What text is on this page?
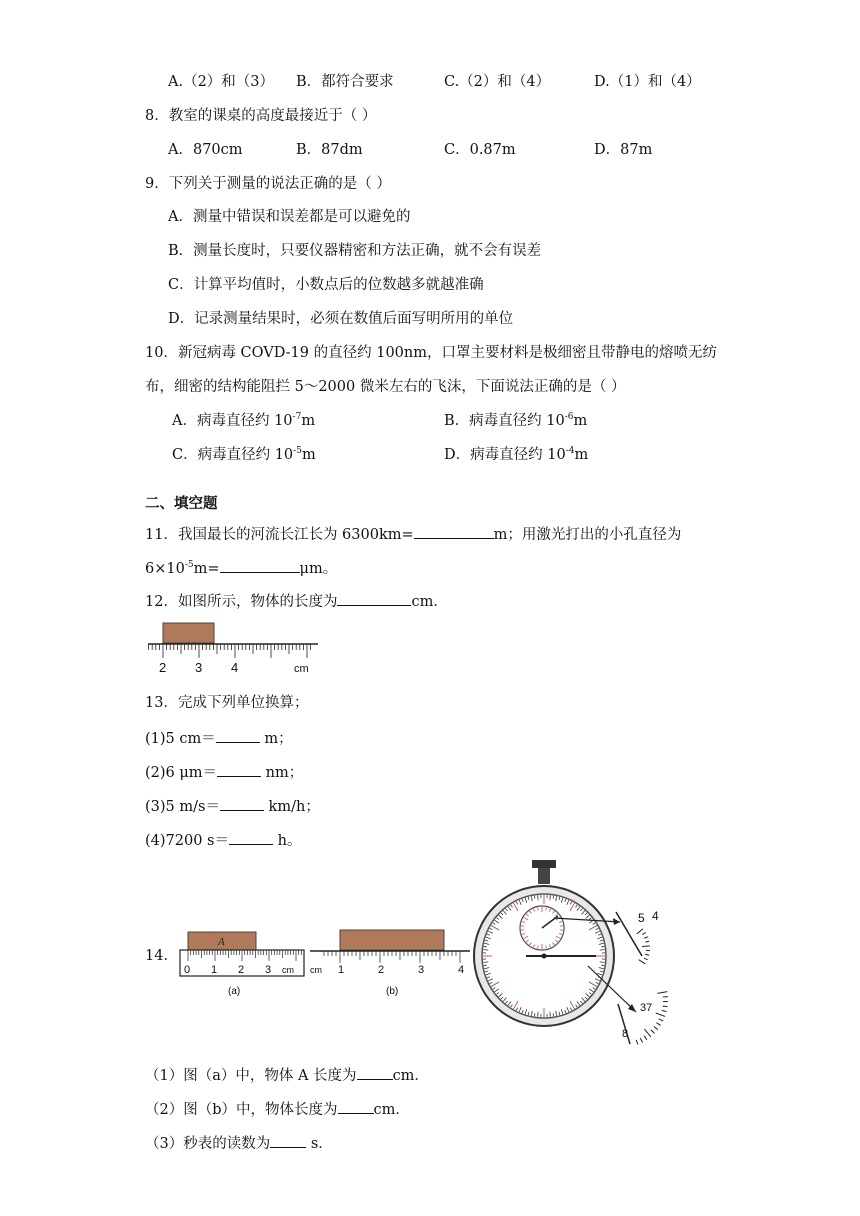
A.（2）和（3） B．都符合要求	C.（2）和（4）	D.（1）和（4）
8．教室的课桌的高度最接近于（ ）
A．870cm	B．87dm	C．0.87m	D．87m
9．下列关于测量的说法正确的是（ ）
A．测量中错误和误差都是可以避免的
B．测量长度时，只要仪器精密和方法正确，就不会有误差
C．计算平均值时，小数点后的位数越多就越准确
D．记录测量结果时，必须在数值后面写明所用的单位
10．新冠病毒 COVD-19 的直径约 100nm，口罩主要材料是极细密且带静电的熔喷无纺
布，细密的结构能阻拦 5～2000 微米左右的飞沫，下面说法正确的是（ ）
A．病毒直径约 $10^{-7}m$	B．病毒直径约 $10^{-6}m$
C．病毒直径约 $10^{-5}m$	D．病毒直径约 $10^{-4}m$
二、填空题
11．我国最长的河流长江长为 6300km=	m；用激光打出的小孔直径为
$6\times 10^{-5}m=$	μm。
12．如图所示，物体的长度为	cm．
2 3 4	cm
13．完成下列单位换算；
(1)5 cm＝	m；
(2)6 μm＝	nm；
(3)5 m/s＝	km/h；
(4)7200 s＝	h。
14．
A
0 1 2 3 cm
(a)
cm 1	2	3	4
(b)
5 4
37
8
（1）图（a）中，物体 A 长度为 cm．
（2）图（b）中，物体长度为 cm．
（3）秒表的读数为 s．
